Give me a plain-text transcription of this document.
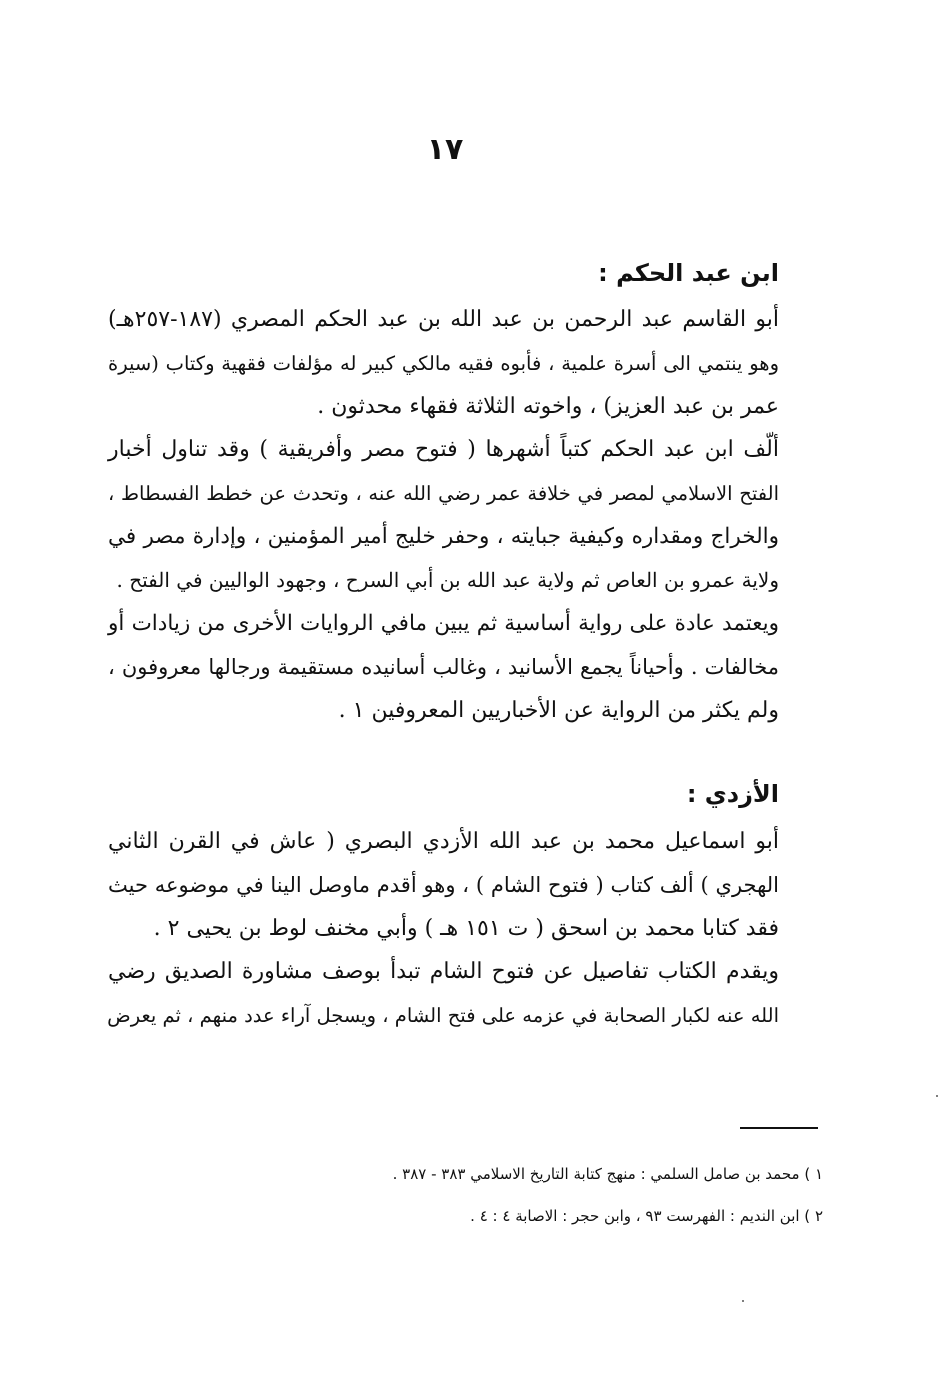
١٧
ابن عبد الحكم :

أبو القاسم عبد الرحمن بن عبد الله بن عبد الحكم المصري (١٨٧-٢٥٧هـ)
وهو ينتمي الى أسرة علمية ، فأبوه فقيه مالكي كبير له مؤلفات فقهية وكتاب (سيرة
عمر بن عبد العزيز) ، واخوته الثلاثة فقهاء محدثون .

ألّف ابن عبد الحكم كتباً أشهرها ( فتوح مصر وأفريقية ) وقد تناول أخبار
الفتح الاسلامي لمصر في خلافة عمر رضي الله عنه ، وتحدث عن خطط الفسطاط ،
والخراج ومقداره وكيفية جبايته ، وحفر خليج أمير المؤمنين ، وإدارة مصر في
ولاية عمرو بن العاص ثم ولاية عبد الله بن أبي السرح ، وجهود الواليين في الفتح .

ويعتمد عادة على رواية أساسية ثم يبين مافي الروايات الأخرى من زيادات أو
مخالفات . وأحياناً يجمع الأسانيد ، وغالب أسانيده مستقيمة ورجالها معروفون ،
ولم يكثر من الرواية عن الأخباريين المعروفين ١ .

الأزدي :

أبو اسماعيل محمد بن عبد الله الأزدي البصري ( عاش في القرن الثاني
الهجري ) ألف كتاب ( فتوح الشام ) ، وهو أقدم ماوصل الينا في موضوعه حيث
فقد كتابا محمد بن اسحق ( ت ١٥١ هـ ) وأبي مخنف لوط بن يحيى ٢ .

ويقدم الكتاب تفاصيل عن فتوح الشام تبدأ بوصف مشاورة الصديق رضي
الله عنه لكبار الصحابة في عزمه على فتح الشام ، ويسجل آراء عدد منهم ، ثم يعرض

١ ) محمد بن صامل السلمي : منهج كتابة التاريخ الاسلامي ٣٨٣ - ٣٨٧ .
٢ ) ابن النديم : الفهرست ٩٣ ، وابن حجر : الاصابة ٤ : ٤ .
